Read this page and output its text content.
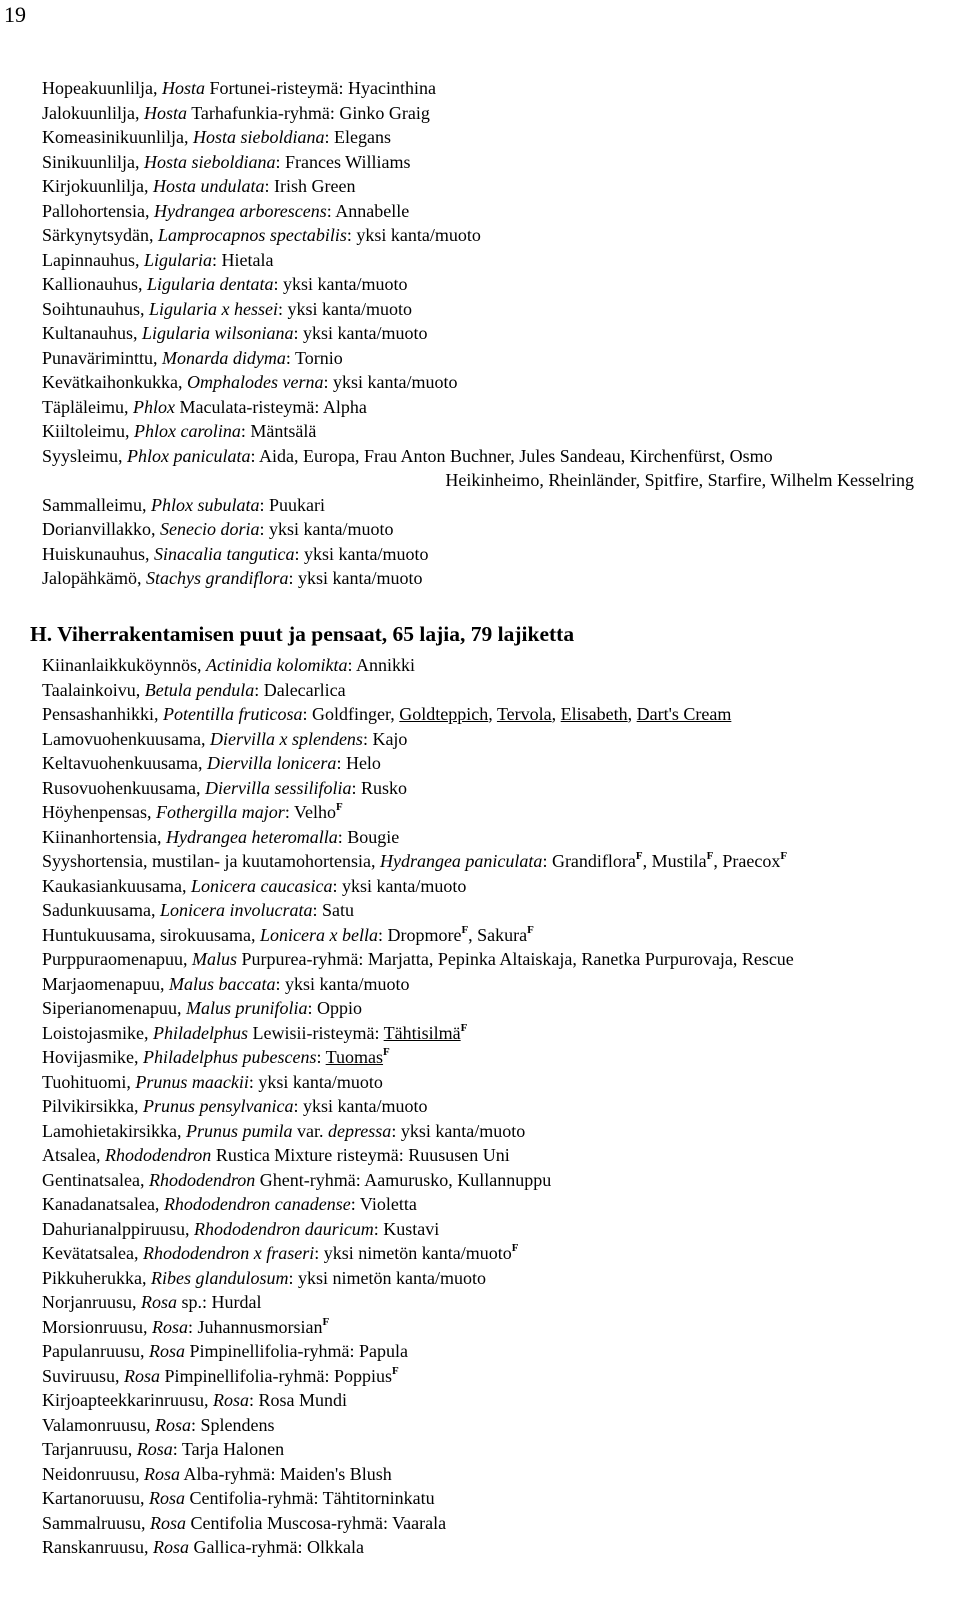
19
Hopeakuunlilja, Hosta Fortunei-risteymä: Hyacinthina
Jalokuunlilja, Hosta Tarhafunkia-ryhmä: Ginko Graig
Komeasinikuunlilja, Hosta sieboldiana: Elegans
Sinikuunlilja, Hosta sieboldiana: Frances Williams
Kirjokuunlilja, Hosta undulata: Irish Green
Pallohortensia, Hydrangea arborescens: Annabelle
Särkynytsydän, Lamprocapnos spectabilis: yksi kanta/muoto
Lapinnauhus, Ligularia: Hietala
Kallionauhus, Ligularia dentata: yksi kanta/muoto
Soihtunauhus, Ligularia x hessei: yksi kanta/muoto
Kultanauhus, Ligularia wilsoniana: yksi kanta/muoto
Punaväriminttu, Monarda didyma: Tornio
Kevätkaihonkukka, Omphalodes verna: yksi kanta/muoto
Täpläleimu, Phlox Maculata-risteymä: Alpha
Kiiltoleimu, Phlox carolina: Mäntsälä
Syysleimu, Phlox paniculata: Aida, Europa, Frau Anton Buchner, Jules Sandeau, Kirchenfürst, Osmo
Heikinheimo, Rheinländer, Spitfire, Starfire, Wilhelm Kesselring
Sammalleimu, Phlox subulata: Puukari
Dorianvillakko, Senecio doria: yksi kanta/muoto
Huiskunauhus, Sinacalia tangutica: yksi kanta/muoto
Jalopähkämö, Stachys grandiflora: yksi kanta/muoto
H. Viherrakentamisen puut ja pensaat, 65 lajia, 79 lajiketta
Kiinanlaikkuköynnös, Actinidia kolomikta: Annikki
Taalainkoivu, Betula pendula: Dalecarlica
Pensashanhikki, Potentilla fruticosa: Goldfinger, Goldteppich, Tervola, Elisabeth, Dart's Cream
Lamovuohenkuusama, Diervilla x splendens: Kajo
Keltavuohenkuusama, Diervilla lonicera: Helo
Rusovuohenkuusama, Diervilla sessilifolia: Rusko
Höyhenpensas, Fothergilla major: Velho$^F$
Kiinanhortensia, Hydrangea heteromalla: Bougie
Syyshortensia, mustilan- ja kuutamohortensia, Hydrangea paniculata: Grandiflora$^F$, Mustila$^F$, Praecox$^F$
Kaukasiankuusama, Lonicera caucasica: yksi kanta/muoto
Sadunkuusama, Lonicera involucrata: Satu
Huntukuusama, sirokuusama, Lonicera x bella: Dropmore$^F$, Sakura$^F$
Purppuraomenapuu, Malus Purpurea-ryhmä: Marjatta, Pepinka Altaiskaja, Ranetka Purpurovaja, Rescue
Marjaomenapuu, Malus baccata: yksi kanta/muoto
Siperianomenapuu, Malus prunifolia: Oppio
Loistojasmike, Philadelphus Lewisii-risteymä: Tähtisilmä$^F$
Hovijasmike, Philadelphus pubescens: Tuomas$^F$
Tuohituomi, Prunus maackii: yksi kanta/muoto
Pilvikirsikka, Prunus pensylvanica: yksi kanta/muoto
Lamohietakirsikka, Prunus pumila var. depressa: yksi kanta/muoto
Atsalea, Rhododendron Rustica Mixture risteymä: Ruususen Uni
Gentinatsalea, Rhododendron Ghent-ryhmä: Aamurusko, Kullannuppu
Kanadanatsalea, Rhododendron canadense: Violetta
Dahurianalppiruusu, Rhododendron dauricum: Kustavi
Kevätatsalea, Rhododendron x fraseri: yksi nimetön kanta/muoto$^F$
Pikkuherukka, Ribes glandulosum: yksi nimetön kanta/muoto
Norjanruusu, Rosa sp.: Hurdal
Morsionruusu, Rosa: Juhannusmorsian$^F$
Papulanruusu, Rosa Pimpinellifolia-ryhmä: Papula
Suviruusu, Rosa Pimpinellifolia-ryhmä: Poppius$^F$
Kirjoapteekkarinruusu, Rosa: Rosa Mundi
Valamonruusu, Rosa: Splendens
Tarjanruusu, Rosa: Tarja Halonen
Neidonruusu, Rosa Alba-ryhmä: Maiden's Blush
Kartanoruusu, Rosa Centifolia-ryhmä: Tähtitorninkatu
Sammalruusu, Rosa Centifolia Muscosa-ryhmä: Vaarala
Ranskanruusu, Rosa Gallica-ryhmä: Olkkala
